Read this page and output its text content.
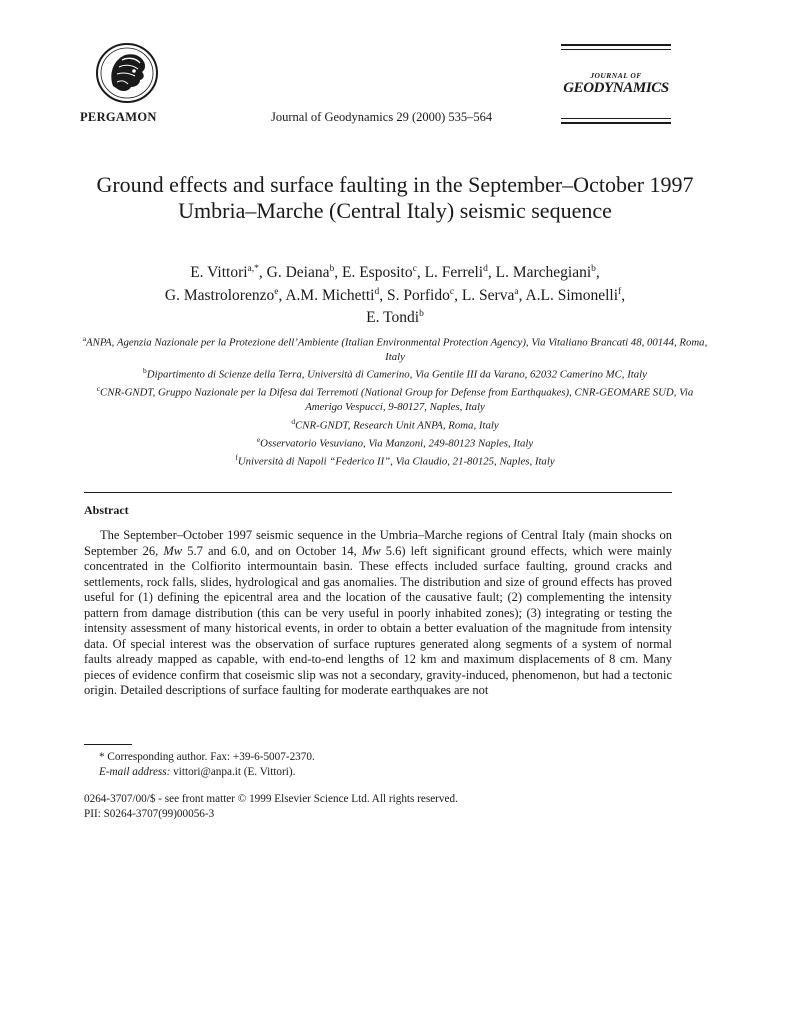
PERGAMON	Journal of Geodynamics 29 (2000) 535–564
JOURNAL OF
GEODYNAMICS
Ground effects and surface faulting in the September–October 1997 Umbria–Marche (Central Italy) seismic sequence
E. Vittori$^{a,*}$, G. Deiana$^b$, E. Esposito$^c$, L. Ferreli$^d$, L. Marchegiani$^b$,
G. Mastrolorenzo$^e$, A.M. Michetti$^d$, S. Porfido$^c$, L. Serva$^a$, A.L. Simonelli$^f$,
E. Tondi$^b$
$^a$ANPA, Agenzia Nazionale per la Protezione dell’Ambiente (Italian Environmental Protection Agency), Via Vitaliano Brancati 48, 00144, Roma, Italy
$^b$Dipartimento di Scienze della Terra, Università di Camerino, Via Gentile III da Varano, 62032 Camerino MC, Italy
$^c$CNR-GNDT, Gruppo Nazionale per la Difesa dai Terremoti (National Group for Defense from Earthquakes), CNR-GEOMARE SUD, Via Amerigo Vespucci, 9-80127, Naples, Italy
$^d$CNR-GNDT, Research Unit ANPA, Roma, Italy
$^e$Osservatorio Vesuviano, Via Manzoni, 249-80123 Naples, Italy
$^f$Università di Napoli “Federico II”, Via Claudio, 21-80125, Naples, Italy
Abstract

The September–October 1997 seismic sequence in the Umbria–Marche regions of Central Italy (main shocks on September 26, Mw 5.7 and 6.0, and on October 14, Mw 5.6) left significant ground effects, which were mainly concentrated in the Colfiorito intermountain basin. These effects included surface faulting, ground cracks and settlements, rock falls, slides, hydrological and gas anomalies. The distribution and size of ground effects has proved useful for (1) defining the epicentral area and the location of the causative fault; (2) complementing the intensity pattern from damage distribution (this can be very useful in poorly inhabited zones); (3) integrating or testing the intensity assessment of many historical events, in order to obtain a better evaluation of the magnitude from intensity data. Of special interest was the observation of surface ruptures generated along segments of a system of normal faults already mapped as capable, with end-to-end lengths of 12 km and maximum displacements of 8 cm. Many pieces of evidence confirm that coseismic slip was not a secondary, gravity-induced, phenomenon, but had a tectonic origin. Detailed descriptions of surface faulting for moderate earthquakes are not

* Corresponding author. Fax: +39-6-5007-2370.
E-mail address: vittori@anpa.it (E. Vittori).
0264-3707/00/$ - see front matter © 1999 Elsevier Science Ltd. All rights reserved.
PII: S0264-3707(99)00056-3
